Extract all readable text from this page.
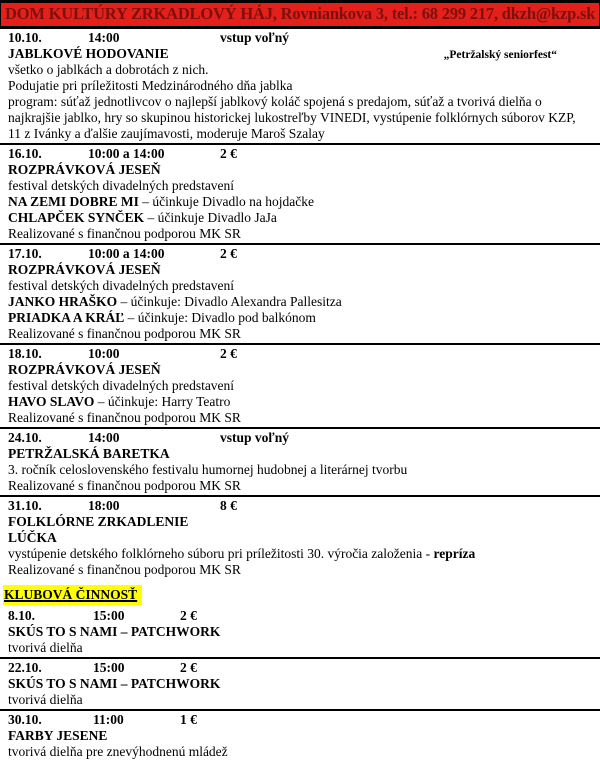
DOM KULTÚRY ZRKADLOVÝ HÁJ, Rovniankova 3, tel.: 68 299 217, dkzh@kzp.sk
10.10.	14:00	vstup voľný
JABLKOVÉ HODOVANIE	„Petržalský seniorfest“
všetko o jablkách a dobrotách z nich.
Podujatie pri príležitosti Medzinárodného dňa jablka
program: súťaž jednotlivcov o najlepší jablkový koláč spojená s predajom, súťaž a tvorivá dielňa o najkrajšie jablko, hry so skupinou historickej lukostreľby VINEDI, vystúpenie folklórnych súborov KZP, 11 z Ivánky a ďalšie zaujímavosti, moderuje Maroš Szalay
16.10.	10:00 a 14:00	2 €
ROZPRÁVKOVÁ JESEŇ
festival detských divadelných predstavení
NA ZEMI DOBRE MI – účinkuje Divadlo na hojdačke
CHLAPČEK SYNČEK – účinkuje Divadlo JaJa
Realizované s finančnou podporou MK SR
17.10.	10:00 a 14:00	2 €
ROZPRÁVKOVÁ JESEŇ
festival detských divadelných predstavení
JANKO HRAŠKO – účinkuje: Divadlo Alexandra Pallesitza
PRIADKA A KRÁĽ – účinkuje: Divadlo pod balkónom
Realizované s finančnou podporou MK SR
18.10.	10:00	2 €
ROZPRÁVKOVÁ JESEŇ
festival detských divadelných predstavení
HAVO SLAVO – účinkuje: Harry Teatro
Realizované s finančnou podporou MK SR
24.10.	14:00	vstup voľný
PETRŽALSKÁ BARETKA
3. ročník celoslovenského festivalu humornej hudobnej a literárnej tvorbu
Realizované s finančnou podporou MK SR
31.10.	18:00	8 €
FOLKLÓRNE ZRKADLENIE
LÚČKA
vystúpenie detského folklórneho súboru pri príležitosti 30. výročia založenia - repríza
Realizované s finančnou podporou MK SR
KLUBOVÁ ČINNOSŤ
8.10.	15:00	2 €
SKÚS TO S NAMI – PATCHWORK
tvorivá dielňa
22.10.	15:00	2 €
SKÚS TO S NAMI – PATCHWORK
tvorivá dielňa
30.10.	11:00	1 €
FARBY JESENE
tvorivá dielňa pre znevýhodnenú mládež
